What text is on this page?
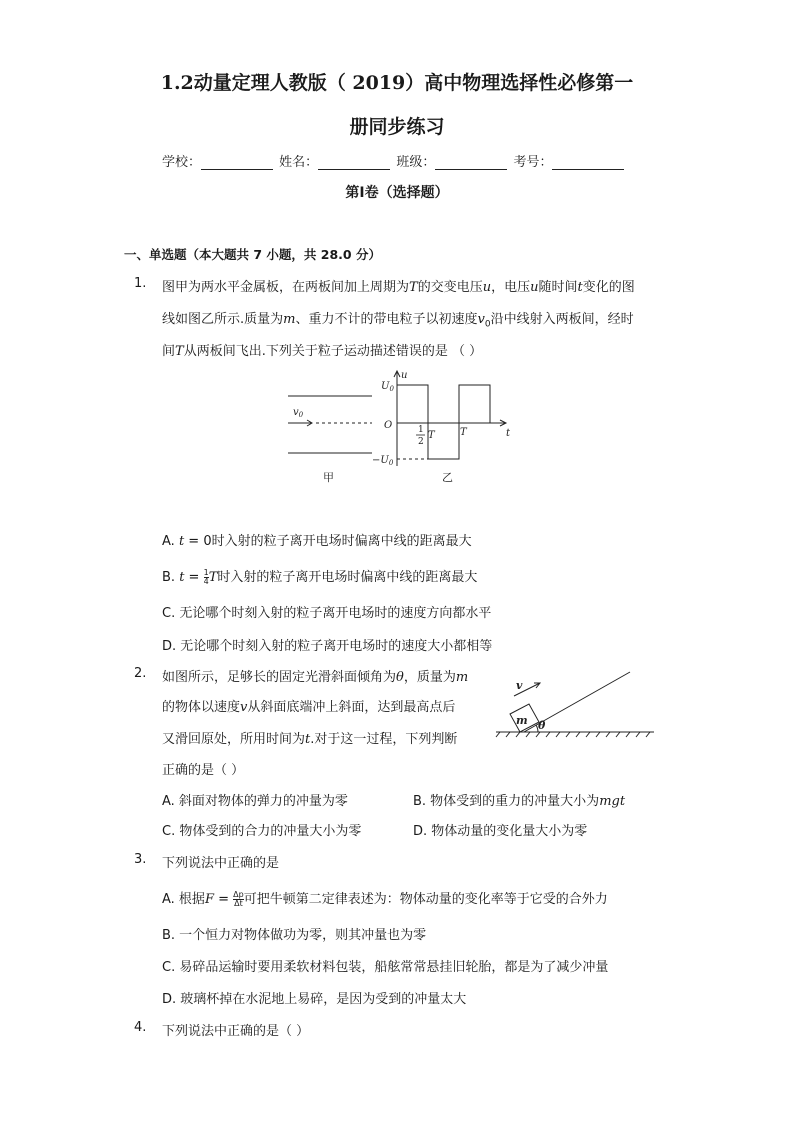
1.2动量定理人教版（ 2019）高中物理选择性必修第一
册同步练习
学校：	姓名：	班级：	考号：
第I卷（选择题）
一、单选题（本大题共 7 小题，共 28.0 分）
1. 图甲为两水平金属板，在两板间加上周期为T的交变电压u，电压u随时间t变化的图
线如图乙所示.质量为m、重力不计的带电粒子以初速度$v_0$沿中线射入两板间，经时
间T从两板间飞出.下列关于粒子运动描述错误的是 （ ）
$v_0$
u
t
O
$U_0$
$-U_0$
1
2
T	T
甲	乙
A. t = 0时入射的粒子离开电场时偏离中线的距离最大
B. $t = \frac{1}{4}$ T时入射的粒子离开电场时偏离中线的距离最大
C. 无论哪个时刻入射的粒子离开电场时的速度方向都水平
D. 无论哪个时刻入射的粒子离开电场时的速度大小都相等
2. 如图所示，足够长的固定光滑斜面倾角为θ，质量为m
的物体以速度v从斜面底端冲上斜面，达到最高点后
又滑回原处，所用时间为t.对于这一过程，下列判断
正确的是（ ）
v
m θ
A. 斜面对物体的弹力的冲量为零	B. 物体受到的重力的冲量大小为mgt
C. 物体受到的合力的冲量大小为零	D. 物体动量的变化量大小为零
3. 下列说法中正确的是
A. 根据$F = \frac{\Delta p}{\Delta t}$ 可把牛顿第二定律表述为：物体动量的变化率等于它受的合外力
B. 一个恒力对物体做功为零，则其冲量也为零
C. 易碎品运输时要用柔软材料包装，船舷常常悬挂旧轮胎，都是为了减少冲量
D. 玻璃杯掉在水泥地上易碎，是因为受到的冲量太大
4. 下列说法中正确的是（ ）
